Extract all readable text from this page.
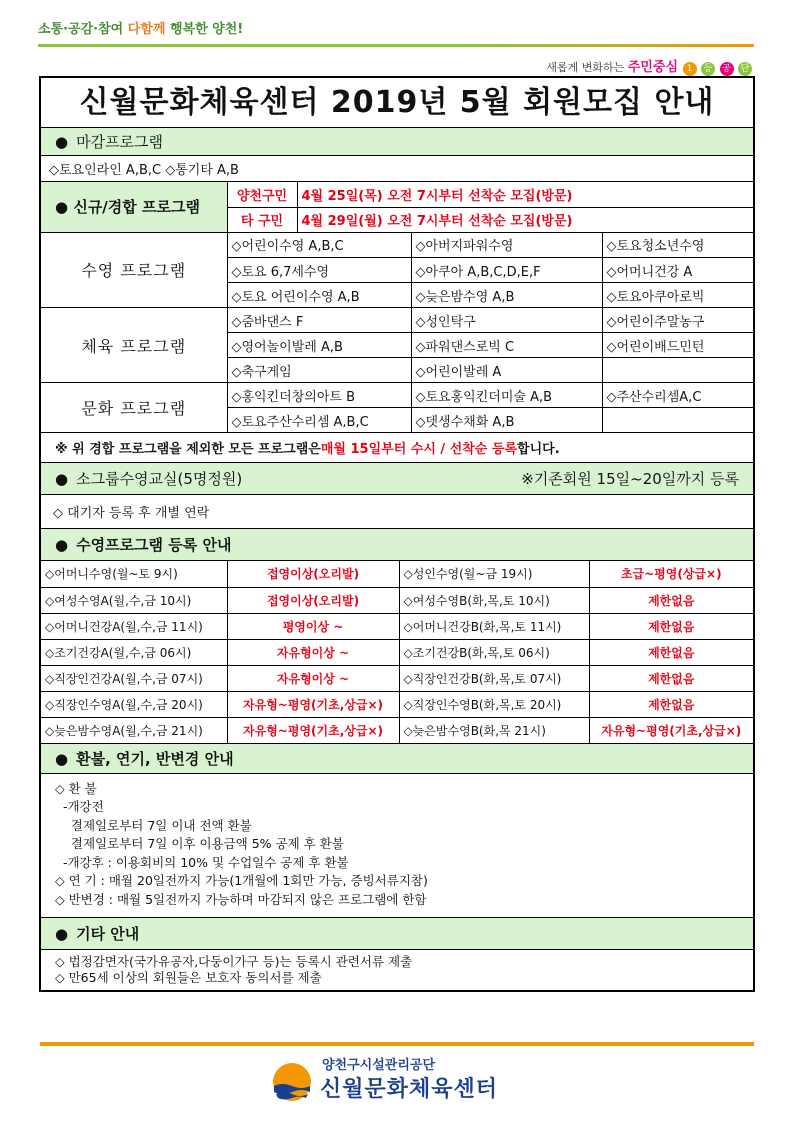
소통·공감·참여 다함께 행복한 양천!
새롭게 변화하는 주민중심 1 등 공 단
신월문화체육센터 2019년 5월 회원모집 안내
● 마감프로그램
◇토요인라인 A,B,C ◇통기타 A,B
● 신규/경합 프로그램	양천구민	4월 25일(목) 오전 7시부터 선착순 모집(방문)
	타 구민	4월 29일(월) 오전 7시부터 선착순 모집(방문)
수영 프로그램	◇어린이수영 A,B,C	◇아버지파워수영	◇토요청소년수영
	◇토요 6,7세수영	◇아쿠아 A,B,C,D,E,F	◇어머니건강 A
	◇토요 어린이수영 A,B	◇늦은밤수영 A,B	◇토요아쿠아로빅
체육 프로그램	◇줌바댄스 F	◇성인탁구	◇어린이주말농구
	◇영어놀이발레 A,B	◇파워댄스로빅 C	◇어린이배드민턴
	◇축구게임	◇어린이발레 A	
문화 프로그램	◇홍익킨더창의아트 B	◇토요홍익킨더미술 A,B	◇주산수리셈A,C
	◇토요주산수리셈 A,B,C	◇뎃생수채화 A,B	
※ 위 경합 프로그램을 제외한 모든 프로그램은 매월 15일부터 수시 / 선착순 등록 합니다.
● 소그룹수영교실(5명정원)	※기존회원 15일~20일까지 등록
◇ 대기자 등록 후 개별 연락
● 수영프로그램 등록 안내
◇어머니수영(월~토 9시)	접영이상(오리발)	◇성인수영(월~금 19시)	초급~평영(상급×)
◇여성수영A(월,수,금 10시)	접영이상(오리발)	◇여성수영B(화,목,토 10시)	제한없음
◇어머니건강A(월,수,금 11시)	평영이상 ~	◇어머니건강B(화,목,토 11시)	제한없음
◇조기건강A(월,수,금 06시)	자유형이상 ~	◇조기건강B(화,목,토 06시)	제한없음
◇직장인건강A(월,수,금 07시)	자유형이상 ~	◇직장인건강B(화,목,토 07시)	제한없음
◇직장인수영A(월,수,금 20시)	자유형~평영(기초,상급×)	◇직장인수영B(화,목,토 20시)	제한없음
◇늦은밤수영A(월,수,금 21시)	자유형~평영(기초,상급×)	◇늦은밤수영B(화,목 21시)	자유형~평영(기초,상급×)
● 환불, 연기, 반변경 안내
◇ 환 불
-개강전
결제일로부터 7일 이내 전액 환불
결제일로부터 7일 이후 이용금액 5% 공제 후 환불
-개강후 : 이용회비의 10% 및 수업일수 공제 후 환불
◇ 연 기 : 매월 20일전까지 가능(1개월에 1회만 가능, 증빙서류지참)
◇ 반변경 : 매월 5일전까지 가능하며 마감되지 않은 프로그램에 한함
● 기타 안내
◇ 법정감면자(국가유공자,다둥이가구 등)는 등록시 관련서류 제출
◇ 만65세 이상의 회원들은 보호자 동의서를 제출
양천구시설관리공단
신월문화체육센터
